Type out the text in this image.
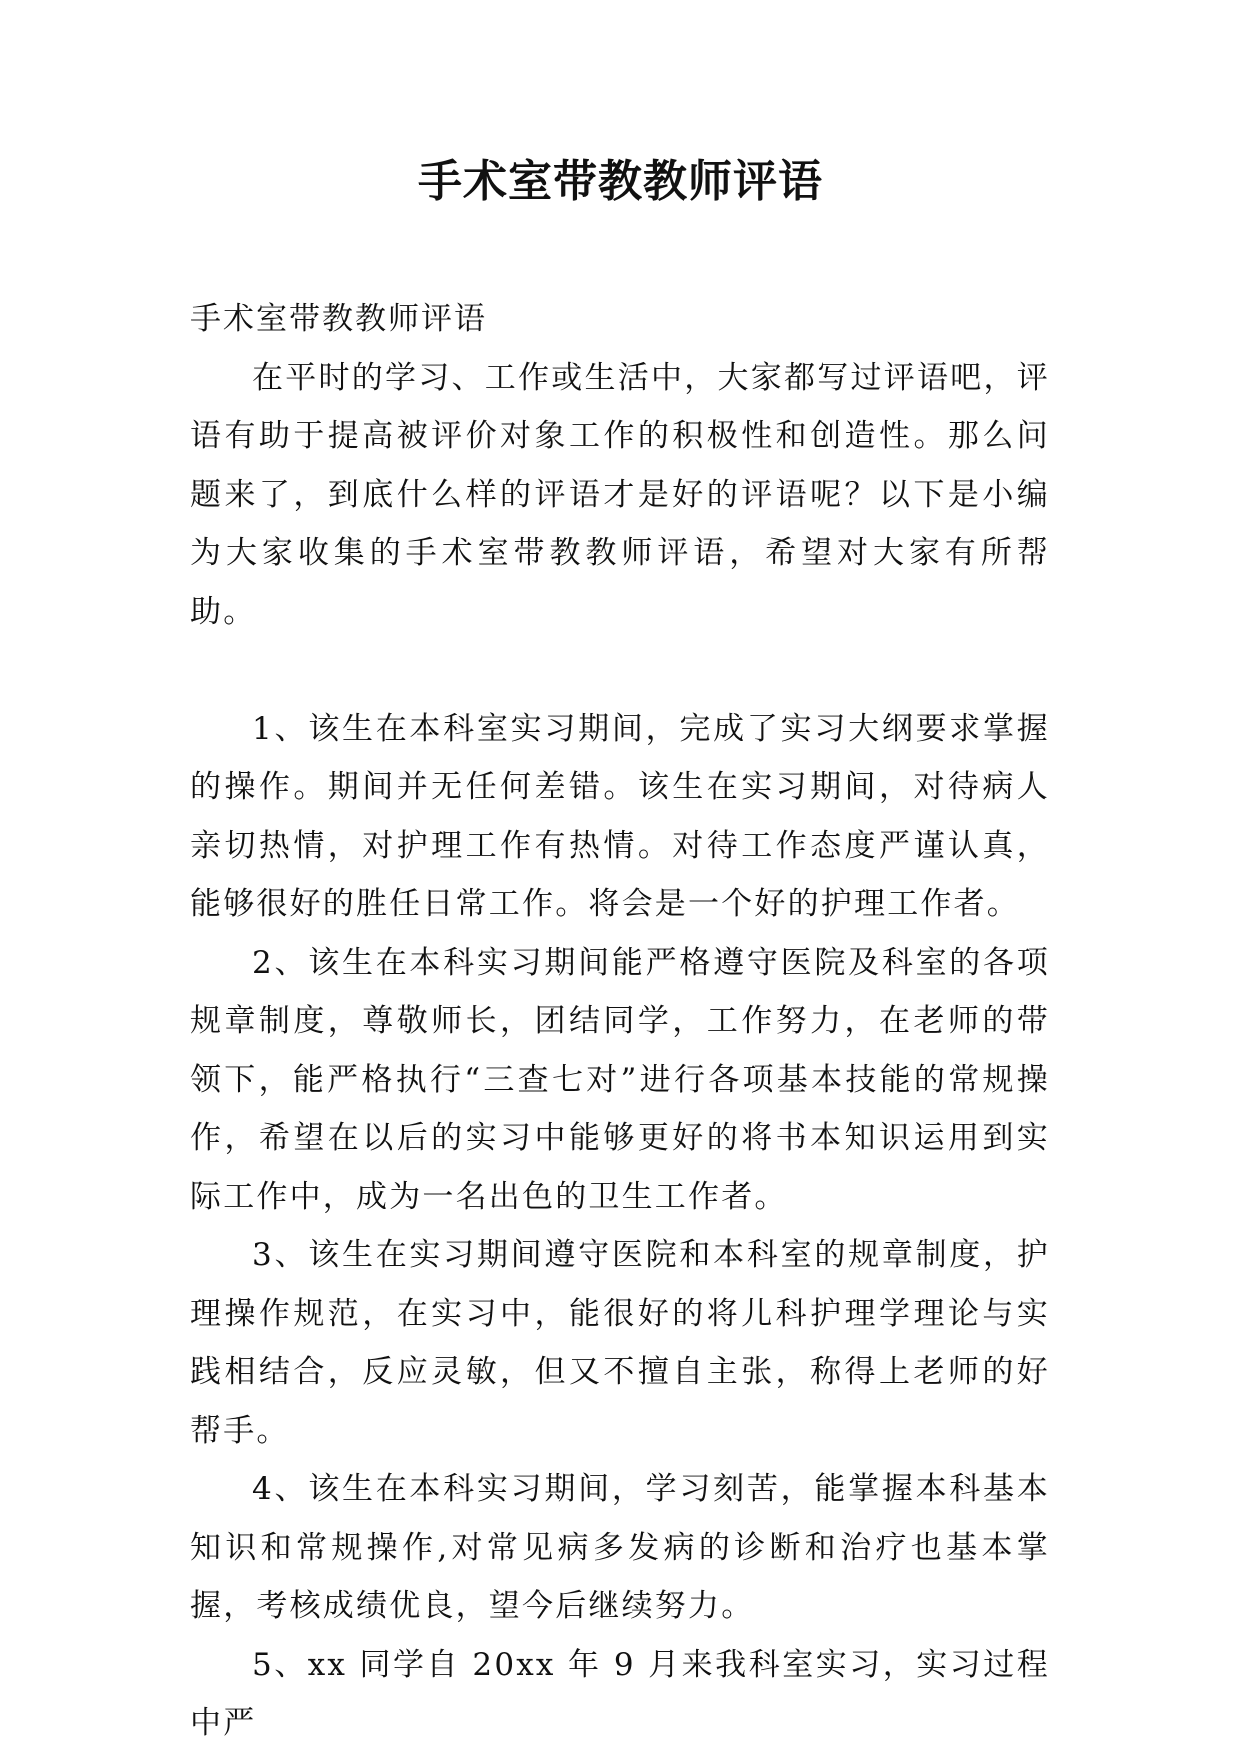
手术室带教教师评语

手术室带教教师评语

在平时的学习、工作或生活中，大家都写过评语吧，评语有助于提高被评价对象工作的积极性和创造性。那么问题来了，到底什么样的评语才是好的评语呢？以下是小编为大家收集的手术室带教教师评语，希望对大家有所帮助。

1、该生在本科室实习期间，完成了实习大纲要求掌握的操作。期间并无任何差错。该生在实习期间，对待病人亲切热情，对护理工作有热情。对待工作态度严谨认真，能够很好的胜任日常工作。将会是一个好的护理工作者。

2、该生在本科实习期间能严格遵守医院及科室的各项规章制度，尊敬师长，团结同学，工作努力，在老师的带领下，能严格执行“三查七对”进行各项基本技能的常规操作，希望在以后的实习中能够更好的将书本知识运用到实际工作中，成为一名出色的卫生工作者。

3、该生在实习期间遵守医院和本科室的规章制度，护理操作规范，在实习中，能很好的将儿科护理学理论与实践相结合，反应灵敏，但又不擅自主张，称得上老师的好帮手。

4、该生在本科实习期间，学习刻苦，能掌握本科基本知识和常规操作,对常见病多发病的诊断和治疗也基本掌握，考核成绩优良，望今后继续努力。

5、xx 同学自 20xx 年 9 月来我科室实习，实习过程中严
